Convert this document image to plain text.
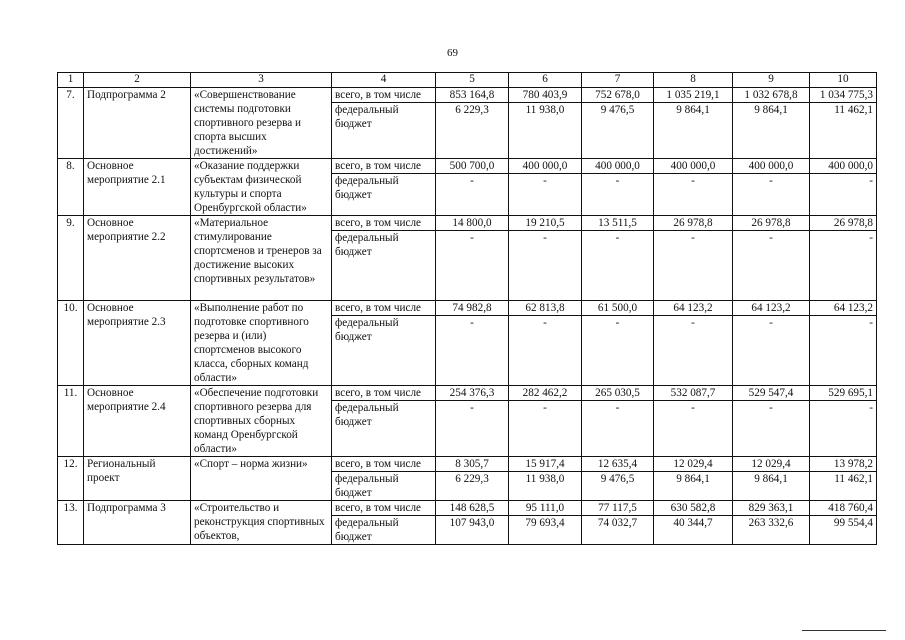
69
1	2	3	4	5	6	7	8	9	10
7.	Подпрограмма 2	«Совершенствование системы подготовки спортивного резерва и спорта высших достижений»	всего, в том числе	853 164,8	780 403,9	752 678,0	1 035 219,1	1 032 678,8	1 034 775,3
			федеральный бюджет	6 229,3	11 938,0	9 476,5	9 864,1	9 864,1	11 462,1
8.	Основное мероприятие 2.1	«Оказание поддержки субъектам физической культуры и спорта Оренбургской области»	всего, в том числе	500 700,0	400 000,0	400 000,0	400 000,0	400 000,0	400 000,0
			федеральный бюджет	-	-	-	-	-	-
9.	Основное мероприятие 2.2	«Материальное стимулирование спортсменов и тренеров за достижение высоких спортивных результатов»	всего, в том числе	14 800,0	19 210,5	13 511,5	26 978,8	26 978,8	26 978,8
			федеральный бюджет	-	-	-	-	-	-
10.	Основное мероприятие 2.3	«Выполнение работ по подготовке спортивного резерва и (или) спортсменов высокого класса, сборных команд области»	всего, в том числе	74 982,8	62 813,8	61 500,0	64 123,2	64 123,2	64 123,2
			федеральный бюджет	-	-	-	-	-	-
11.	Основное мероприятие 2.4	«Обеспечение подготовки спортивного резерва для спортивных сборных команд Оренбургской области»	всего, в том числе	254 376,3	282 462,2	265 030,5	532 087,7	529 547,4	529 695,1
			федеральный бюджет	-	-	-	-	-	-
12.	Региональный проект	«Спорт – норма жизни»	всего, в том числе	8 305,7	15 917,4	12 635,4	12 029,4	12 029,4	13 978,2
			федеральный бюджет	6 229,3	11 938,0	9 476,5	9 864,1	9 864,1	11 462,1
13.	Подпрограмма 3	«Строительство и реконструкция спортивных объектов,	всего, в том числе	148 628,5	95 111,0	77 117,5	630 582,8	829 363,1	418 760,4
			федеральный бюджет	107 943,0	79 693,4	74 032,7	40 344,7	263 332,6	99 554,4
